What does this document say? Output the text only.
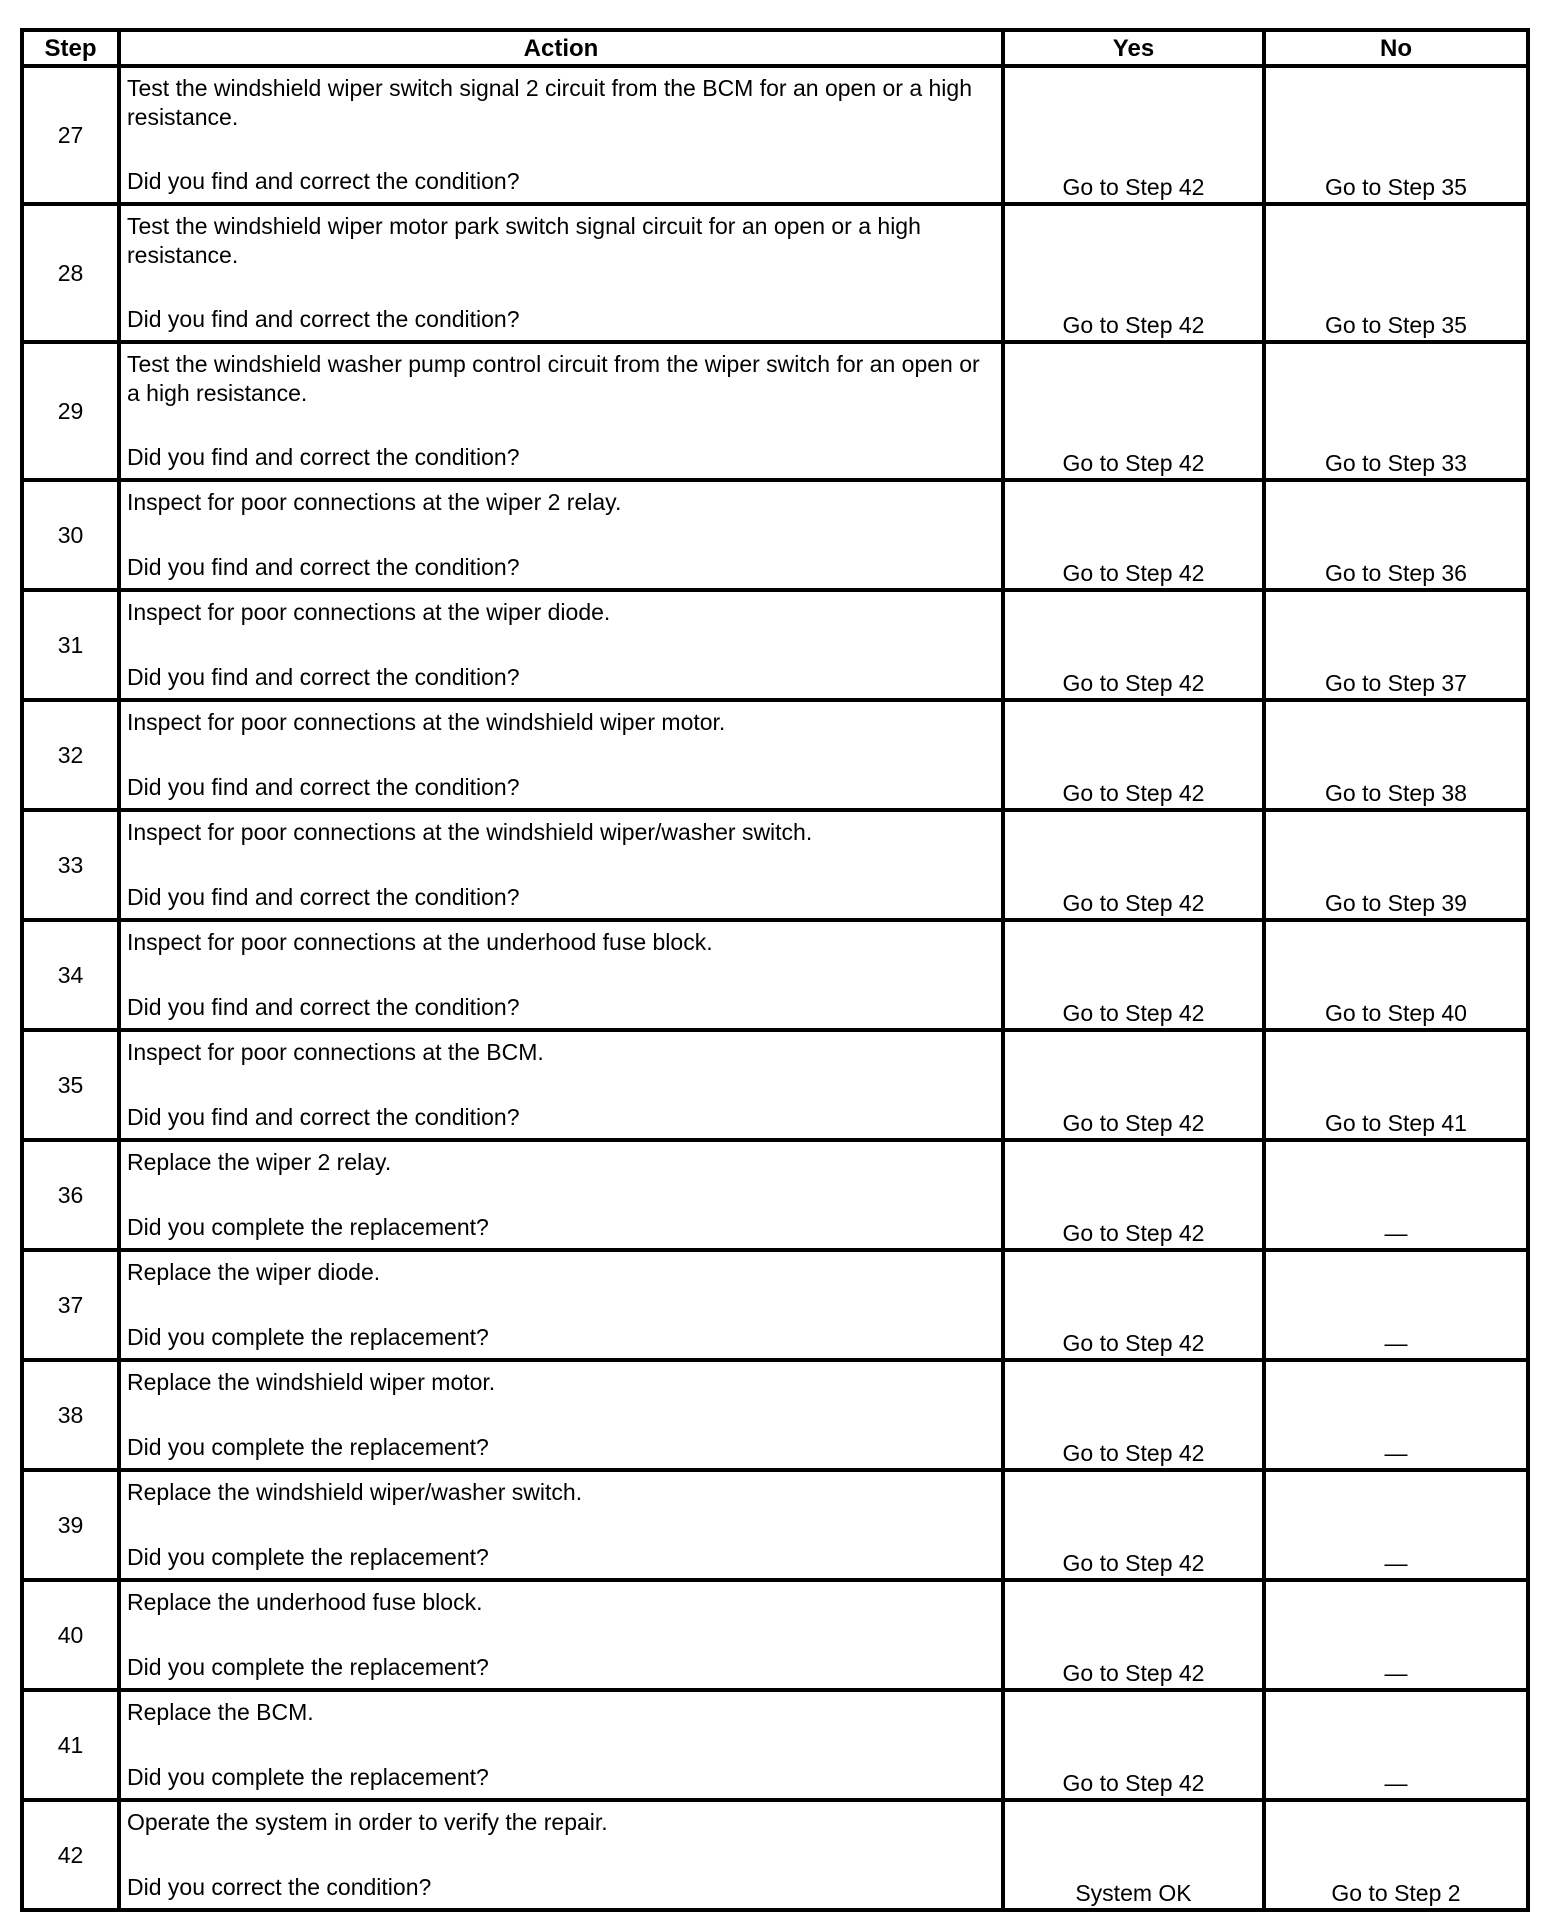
Step	Action	Yes	No
27	Test the windshield wiper switch signal 2 circuit from the BCM for an open or a high resistance.
Did you find and correct the condition?	Go to Step 42	Go to Step 35
28	Test the windshield wiper motor park switch signal circuit for an open or a high resistance.
Did you find and correct the condition?	Go to Step 42	Go to Step 35
29	Test the windshield washer pump control circuit from the wiper switch for an open or a high resistance.
Did you find and correct the condition?	Go to Step 42	Go to Step 33
30	Inspect for poor connections at the wiper 2 relay.
Did you find and correct the condition?	Go to Step 42	Go to Step 36
31	Inspect for poor connections at the wiper diode.
Did you find and correct the condition?	Go to Step 42	Go to Step 37
32	Inspect for poor connections at the windshield wiper motor.
Did you find and correct the condition?	Go to Step 42	Go to Step 38
33	Inspect for poor connections at the windshield wiper/washer switch.
Did you find and correct the condition?	Go to Step 42	Go to Step 39
34	Inspect for poor connections at the underhood fuse block.
Did you find and correct the condition?	Go to Step 42	Go to Step 40
35	Inspect for poor connections at the BCM.
Did you find and correct the condition?	Go to Step 42	Go to Step 41
36	Replace the wiper 2 relay.
Did you complete the replacement?	Go to Step 42	—
37	Replace the wiper diode.
Did you complete the replacement?	Go to Step 42	—
38	Replace the windshield wiper motor.
Did you complete the replacement?	Go to Step 42	—
39	Replace the windshield wiper/washer switch.
Did you complete the replacement?	Go to Step 42	—
40	Replace the underhood fuse block.
Did you complete the replacement?	Go to Step 42	—
41	Replace the BCM.
Did you complete the replacement?	Go to Step 42	—
42	Operate the system in order to verify the repair.
Did you correct the condition?	System OK	Go to Step 2
